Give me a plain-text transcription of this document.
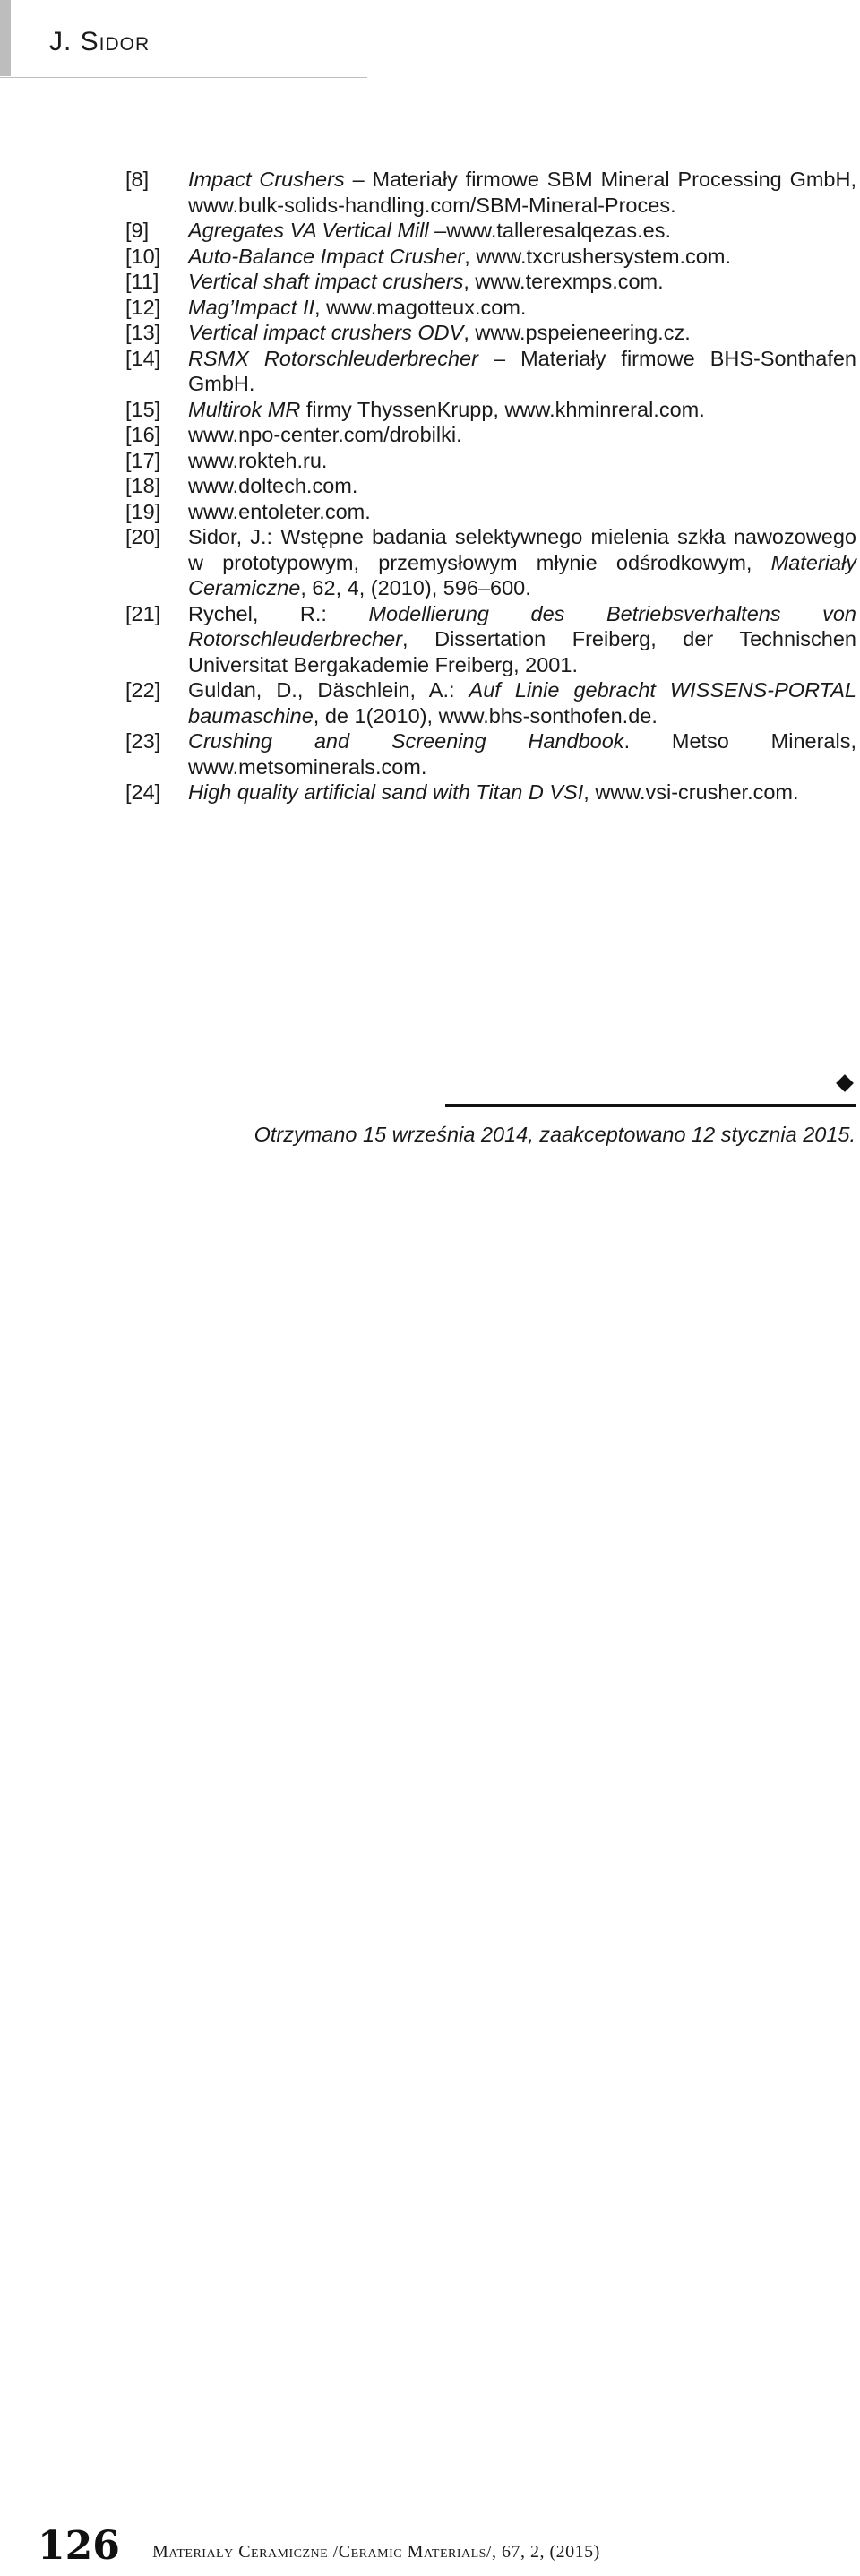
J. Sidor
[8]	Impact Crushers – Materiały firmowe SBM Mineral Processing GmbH, www.bulk-solids-handling.com/SBM-Mineral-Proces.
[9]	Agregates VA Vertical Mill –www.talleresalqezas.es.
[10]	Auto-Balance Impact Crusher, www.txcrushersystem.com.
[11]	Vertical shaft impact crushers, www.terexmps.com.
[12]	Mag’Impact II, www.magotteux.com.
[13]	Vertical impact crushers ODV, www.pspeieneering.cz.
[14]	RSMX Rotorschleuderbrecher – Materiały firmowe BHS-Sonthafen GmbH.
[15]	Multirok MR firmy ThyssenKrupp, www.khminreral.com.
[16]	www.npo-center.com/drobilki.
[17]	www.rokteh.ru.
[18]	www.doltech.com.
[19]	www.entoleter.com.
[20]	Sidor, J.: Wstępne badania selektywnego mielenia szkła nawozowego w prototypowym, przemysłowym młynie odśrodkowym, Materiały Ceramiczne, 62, 4, (2010), 596–600.
[21]	Rychel, R.: Modellierung des Betriebsverhaltens von Rotorschleuderbrecher, Dissertation Freiberg, der Technischen Universitat Bergakademie Freiberg, 2001.
[22]	Guldan, D., Däschlein, A.: Auf Linie gebracht WISSENS-PORTAL baumaschine, de 1(2010), www.bhs-sonthofen.de.
[23]	Crushing and Screening Handbook. Metso Minerals, www.metsominerals.com.
[24]	High quality artificial sand with Titan D VSI, www.vsi-crusher.com.
Otrzymano 15 września 2014, zaakceptowano 12 stycznia 2015.
126 Materiały Ceramiczne /Ceramic Materials/, 67, 2, (2015)
